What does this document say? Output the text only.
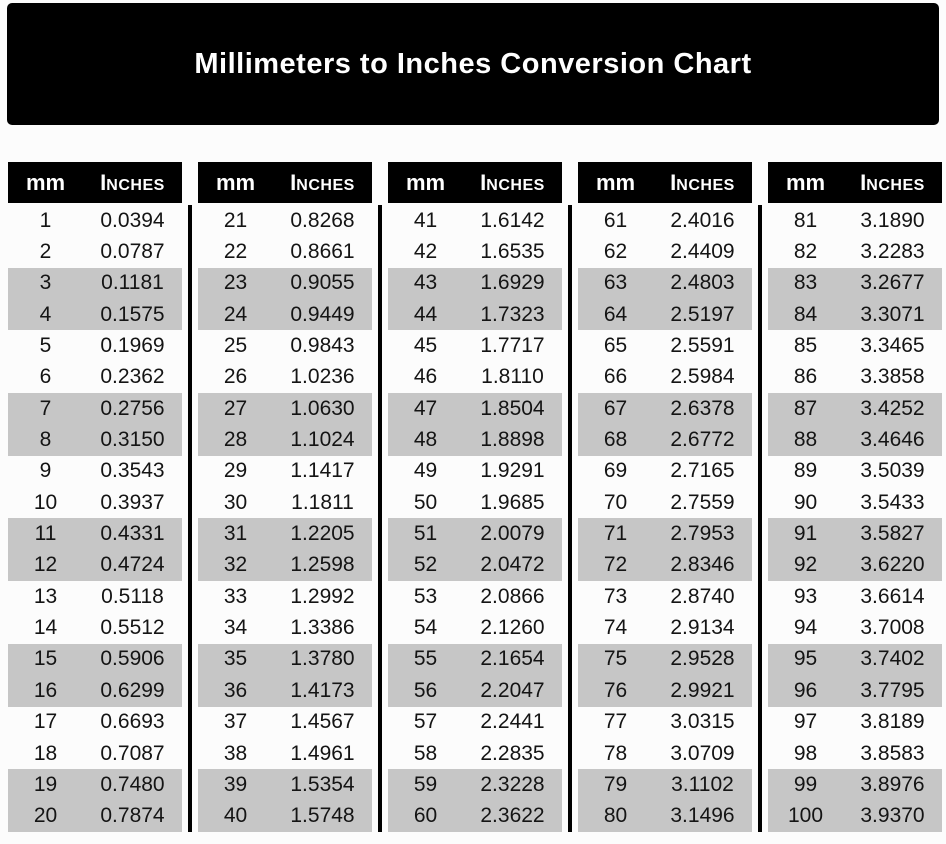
Millimeters to Inches Conversion Chart
mm	INCHES
1	0.0394
2	0.0787
3	0.1181
4	0.1575
5	0.1969
6	0.2362
7	0.2756
8	0.3150
9	0.3543
10	0.3937
11	0.4331
12	0.4724
13	0.5118
14	0.5512
15	0.5906
16	0.6299
17	0.6693
18	0.7087
19	0.7480
20	0.7874
mm	INCHES
21	0.8268
22	0.8661
23	0.9055
24	0.9449
25	0.9843
26	1.0236
27	1.0630
28	1.1024
29	1.1417
30	1.1811
31	1.2205
32	1.2598
33	1.2992
34	1.3386
35	1.3780
36	1.4173
37	1.4567
38	1.4961
39	1.5354
40	1.5748
mm	INCHES
41	1.6142
42	1.6535
43	1.6929
44	1.7323
45	1.7717
46	1.8110
47	1.8504
48	1.8898
49	1.9291
50	1.9685
51	2.0079
52	2.0472
53	2.0866
54	2.1260
55	2.1654
56	2.2047
57	2.2441
58	2.2835
59	2.3228
60	2.3622
mm	INCHES
61	2.4016
62	2.4409
63	2.4803
64	2.5197
65	2.5591
66	2.5984
67	2.6378
68	2.6772
69	2.7165
70	2.7559
71	2.7953
72	2.8346
73	2.8740
74	2.9134
75	2.9528
76	2.9921
77	3.0315
78	3.0709
79	3.1102
80	3.1496
mm	INCHES
81	3.1890
82	3.2283
83	3.2677
84	3.3071
85	3.3465
86	3.3858
87	3.4252
88	3.4646
89	3.5039
90	3.5433
91	3.5827
92	3.6220
93	3.6614
94	3.7008
95	3.7402
96	3.7795
97	3.8189
98	3.8583
99	3.8976
100	3.9370
